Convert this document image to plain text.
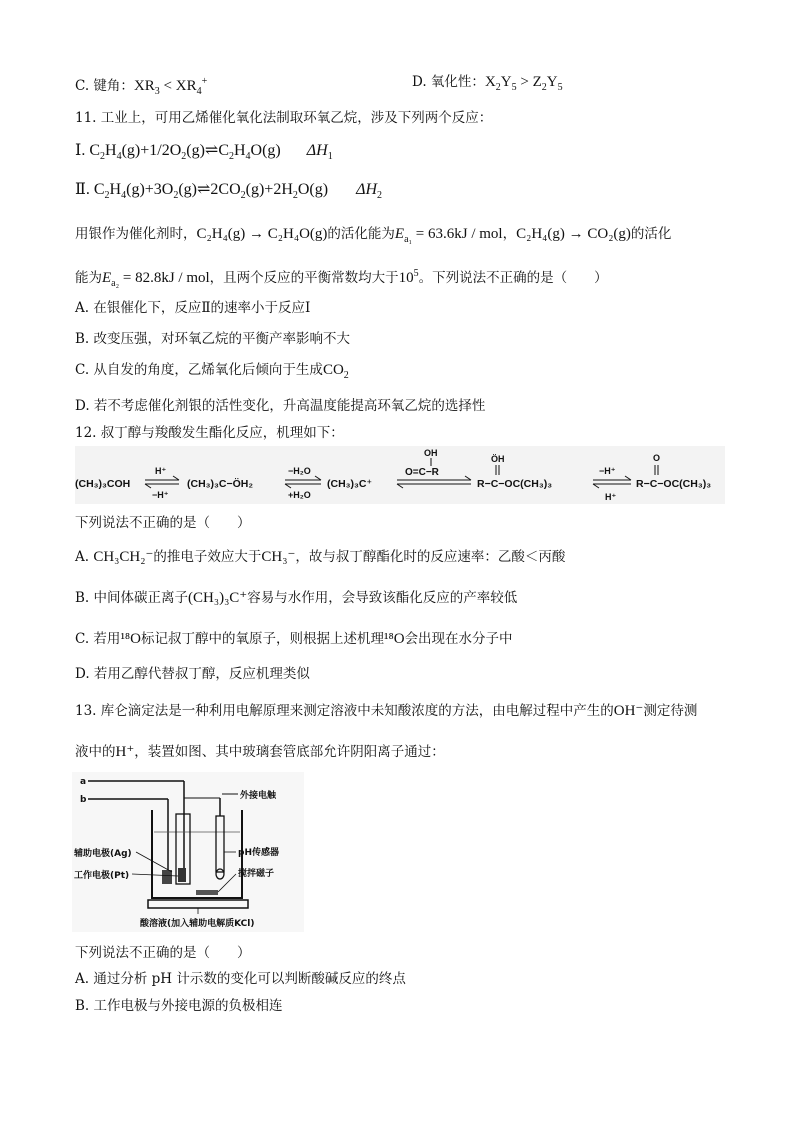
C. 键角：$XR_3 < XR_4^+$	D. 氧化性：$X_2Y_5 > Z_2Y_5$
11. 工业上，可用乙烯催化氧化法制取环氧乙烷，涉及下列两个反应：
Ⅰ. $C_2H_4(g)+1/2O_2(g)\rightleftharpoons C_2H_4O(g)$ $\Delta H_1$
Ⅱ. $C_2H_4(g)+3O_2(g)\rightleftharpoons 2CO_2(g)+2H_2O(g)$ $\Delta H_2$
用银作为催化剂时，C₂H₄(g) → C₂H₄O(g)的活化能为$E_{a_1} = 63.6kJ$ / mol，C₂H₄(g) → CO₂(g)的活化
能为$E_{a_2} = 82.8kJ$ / mol，且两个反应的平衡常数均大于$10^5$。下列说法不正确的是（　　）
A. 在银催化下，反应Ⅱ的速率小于反应Ⅰ
B. 改变压强，对环氧乙烷的平衡产率影响不大
C. 从自发的角度，乙烯氧化后倾向于生成$CO_2$
D. 若不考虑催化剂银的活性变化，升高温度能提高环氧乙烷的选择性
12. 叔丁醇与羧酸发生酯化反应，机理如下：
(CH₃)₃COH
H⁺
−H⁺
(CH₃)₃C−ÖH₂
−H₂O
+H₂O
(CH₃)₃C⁺
OH
O=C−R
ÖH
R−C−OC(CH₃)₃
−H⁺
H⁺
O
R−C−OC(CH₃)₃
下列说法不正确的是（　　）
A. CH₃CH₂⁻的推电子效应大于CH₃⁻，故与叔丁醇酯化时的反应速率：乙酸＜丙酸
B. 中间体碳正离子(CH₃)₃C⁺容易与水作用，会导致该酯化反应的产率较低
C. 若用¹⁸O标记叔丁醇中的氧原子，则根据上述机理¹⁸O会出现在水分子中
D. 若用乙醇代替叔丁醇，反应机理类似
13. 库仑滴定法是一种利用电解原理来测定溶液中未知酸浓度的方法，由电解过程中产生的OH⁻测定待测
液中的H⁺，装置如图、其中玻璃套管底部允许阴阳离子通过：
a
b	外接电触
辅助电极(Ag)
工作电极(Pt)
pH传感器
搅拌磁子
酸溶液(加入辅助电解质KCl)
下列说法不正确的是（　　）
A. 通过分析 pH 计示数的变化可以判断酸碱反应的终点
B. 工作电极与外接电源的负极相连
